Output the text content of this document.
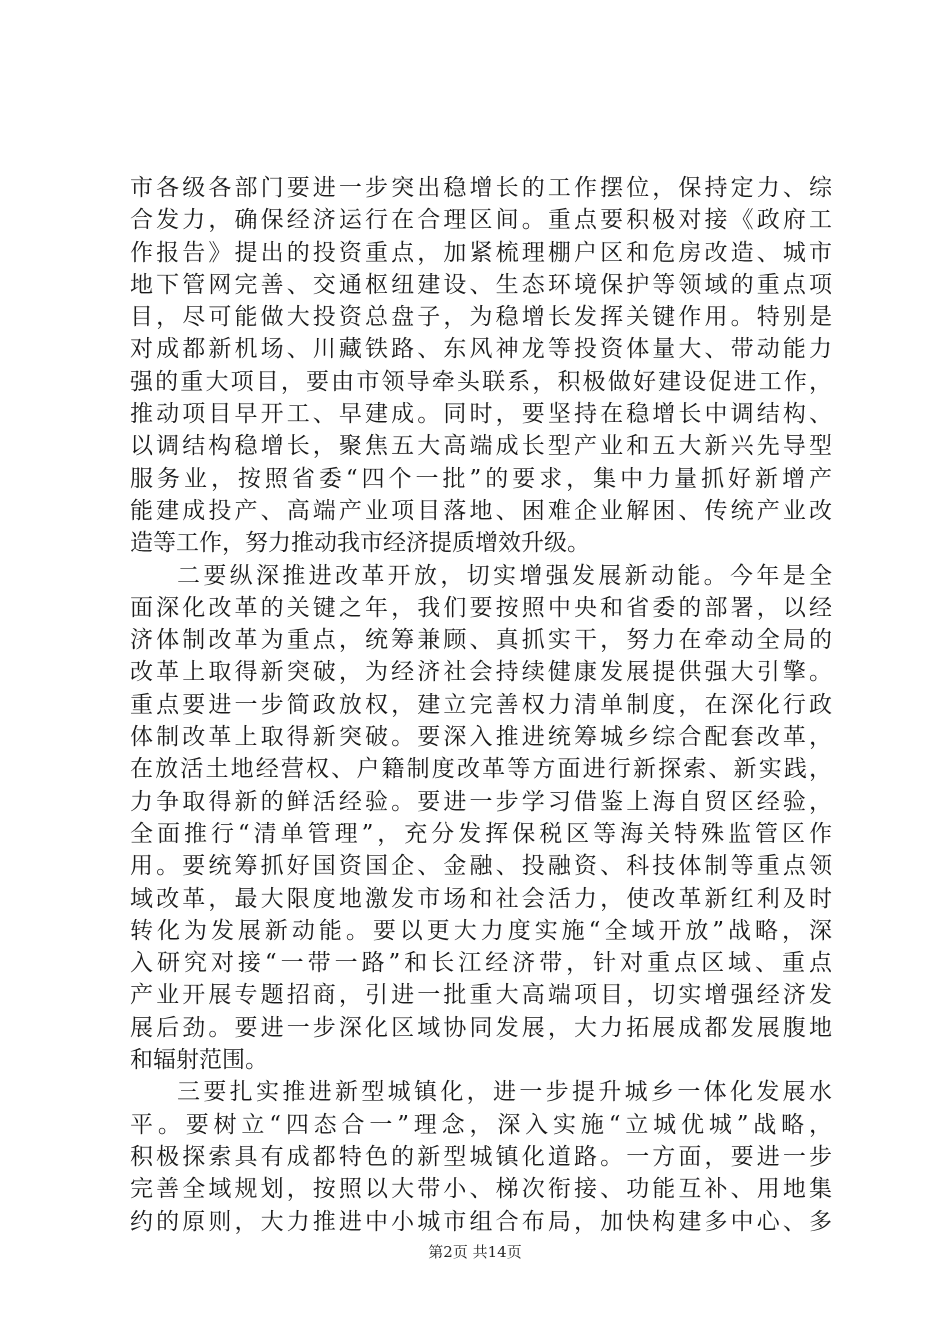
市各级各部门要进一步突出稳增长的工作摆位，保持定力、综
合发力，确保经济运行在合理区间。重点要积极对接《政府工
作报告》提出的投资重点，加紧梳理棚户区和危房改造、城市
地下管网完善、交通枢纽建设、生态环境保护等领域的重点项
目，尽可能做大投资总盘子，为稳增长发挥关键作用。特别是
对成都新机场、川藏铁路、东风神龙等投资体量大、带动能力
强的重大项目，要由市领导牵头联系，积极做好建设促进工作，
推动项目早开工、早建成。同时，要坚持在稳增长中调结构、
以调结构稳增长，聚焦五大高端成长型产业和五大新兴先导型
服务业，按照省委“四个一批”的要求，集中力量抓好新增产
能建成投产、高端产业项目落地、困难企业解困、传统产业改
造等工作，努力推动我市经济提质增效升级。
二要纵深推进改革开放，切实增强发展新动能。今年是全
面深化改革的关键之年，我们要按照中央和省委的部署，以经
济体制改革为重点，统筹兼顾、真抓实干，努力在牵动全局的
改革上取得新突破，为经济社会持续健康发展提供强大引擎。
重点要进一步简政放权，建立完善权力清单制度，在深化行政
体制改革上取得新突破。要深入推进统筹城乡综合配套改革，
在放活土地经营权、户籍制度改革等方面进行新探索、新实践，
力争取得新的鲜活经验。要进一步学习借鉴上海自贸区经验，
全面推行“清单管理”，充分发挥保税区等海关特殊监管区作
用。要统筹抓好国资国企、金融、投融资、科技体制等重点领
域改革，最大限度地激发市场和社会活力，使改革新红利及时
转化为发展新动能。要以更大力度实施“全域开放”战略，深
入研究对接“一带一路”和长江经济带，针对重点区域、重点
产业开展专题招商，引进一批重大高端项目，切实增强经济发
展后劲。要进一步深化区域协同发展，大力拓展成都发展腹地
和辐射范围。
三要扎实推进新型城镇化，进一步提升城乡一体化发展水
平。要树立“四态合一”理念，深入实施“立城优城”战略，
积极探索具有成都特色的新型城镇化道路。一方面，要进一步
完善全域规划，按照以大带小、梯次衔接、功能互补、用地集
约的原则，大力推进中小城市组合布局，加快构建多中心、多
第2页 共14页
